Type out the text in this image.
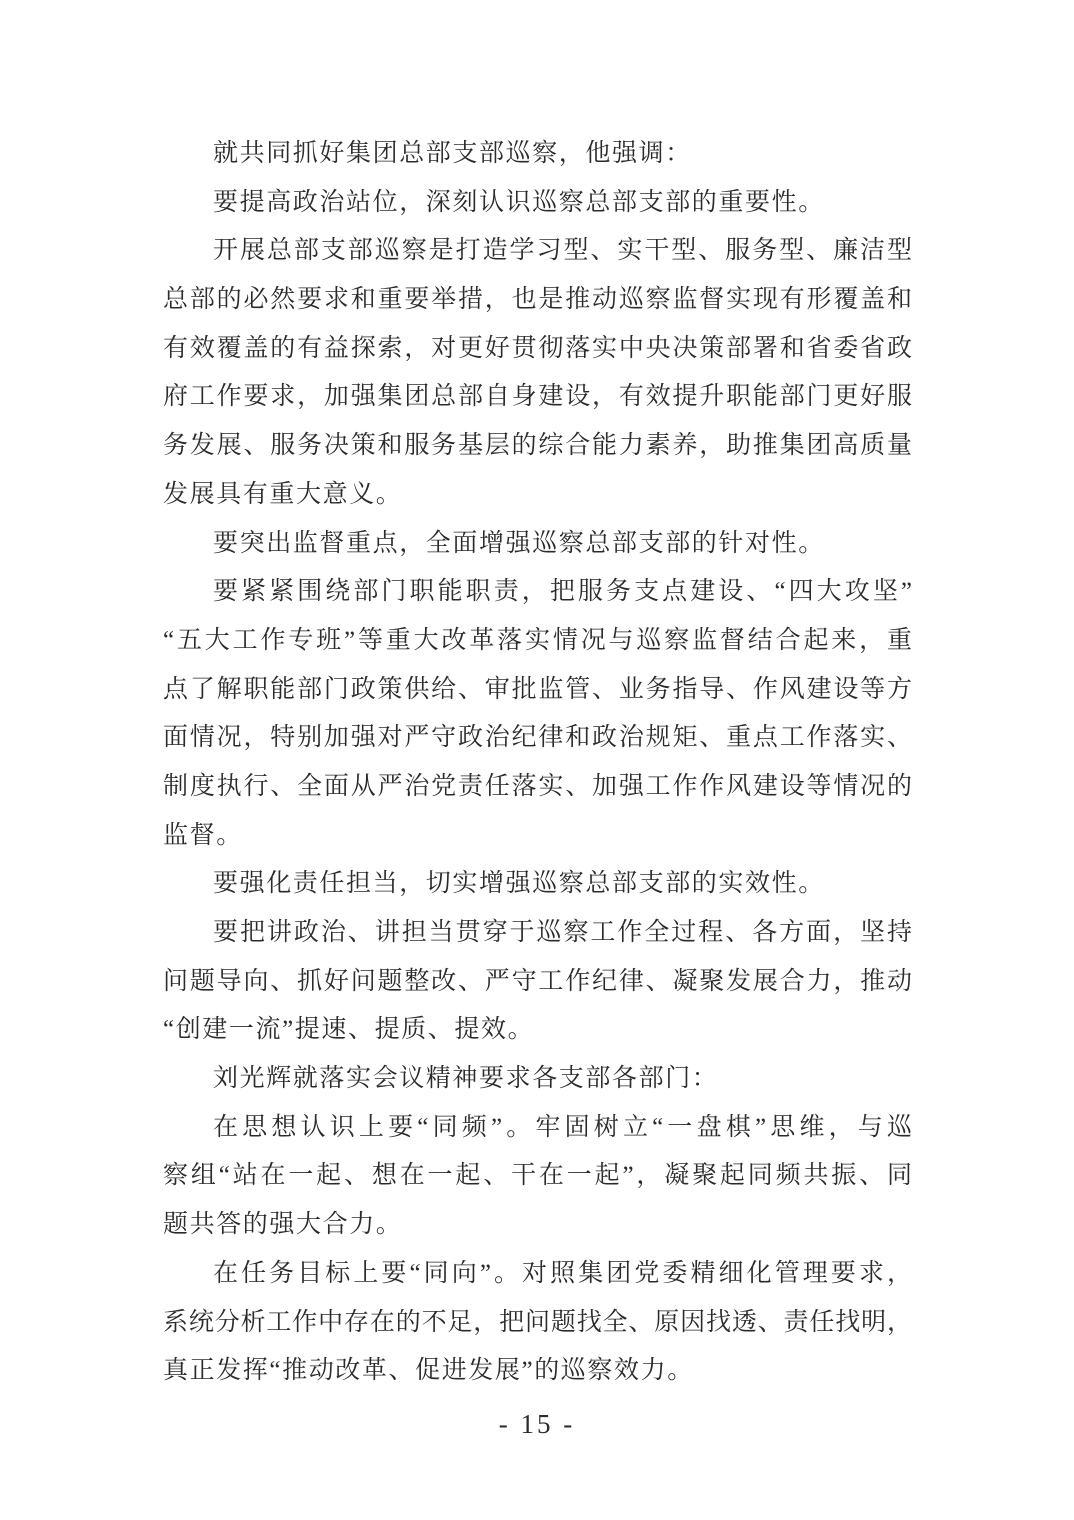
就共同抓好集团总部支部巡察，他强调：
要提高政治站位，深刻认识巡察总部支部的重要性。
开展总部支部巡察是打造学习型、实干型、服务型、廉洁型
总部的必然要求和重要举措，也是推动巡察监督实现有形覆盖和
有效覆盖的有益探索，对更好贯彻落实中央决策部署和省委省政
府工作要求，加强集团总部自身建设，有效提升职能部门更好服
务发展、服务决策和服务基层的综合能力素养，助推集团高质量
发展具有重大意义。
要突出监督重点，全面增强巡察总部支部的针对性。
要紧紧围绕部门职能职责，把服务支点建设、“四大攻坚”
“五大工作专班”等重大改革落实情况与巡察监督结合起来，重
点了解职能部门政策供给、审批监管、业务指导、作风建设等方
面情况，特别加强对严守政治纪律和政治规矩、重点工作落实、
制度执行、全面从严治党责任落实、加强工作作风建设等情况的
监督。
要强化责任担当，切实增强巡察总部支部的实效性。
要把讲政治、讲担当贯穿于巡察工作全过程、各方面，坚持
问题导向、抓好问题整改、严守工作纪律、凝聚发展合力，推动
“创建一流”提速、提质、提效。
刘光辉就落实会议精神要求各支部各部门：
在思想认识上要“同频”。牢固树立“一盘棋”思维，与巡
察组“站在一起、想在一起、干在一起”，凝聚起同频共振、同
题共答的强大合力。
在任务目标上要“同向”。对照集团党委精细化管理要求，
系统分析工作中存在的不足，把问题找全、原因找透、责任找明，
真正发挥“推动改革、促进发展”的巡察效力。
- 15 -
